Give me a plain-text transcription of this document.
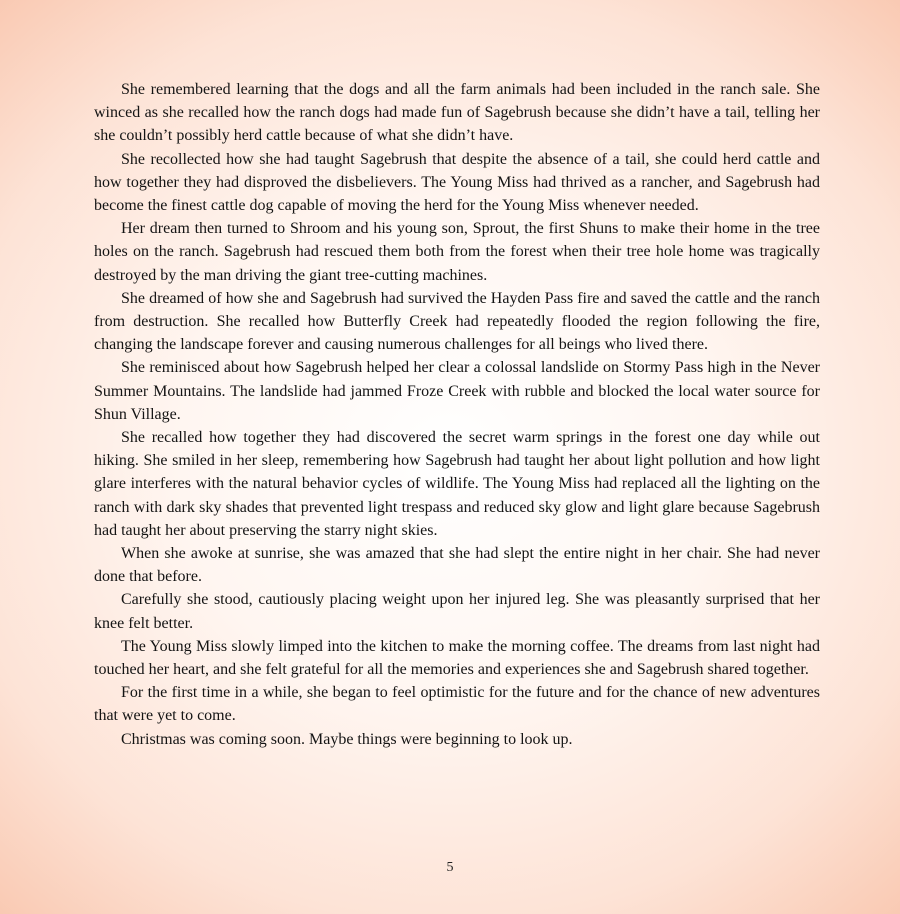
She remembered learning that the dogs and all the farm animals had been included in the ranch sale. She winced as she recalled how the ranch dogs had made fun of Sagebrush because she didn’t have a tail, telling her she couldn’t possibly herd cattle because of what she didn’t have.

She recollected how she had taught Sagebrush that despite the absence of a tail, she could herd cattle and how together they had disproved the disbelievers. The Young Miss had thrived as a rancher, and Sagebrush had become the finest cattle dog capable of moving the herd for the Young Miss whenever needed.

Her dream then turned to Shroom and his young son, Sprout, the first Shuns to make their home in the tree holes on the ranch. Sagebrush had rescued them both from the forest when their tree hole home was tragically destroyed by the man driving the giant tree-cutting machines.

She dreamed of how she and Sagebrush had survived the Hayden Pass fire and saved the cattle and the ranch from destruction. She recalled how Butterfly Creek had repeatedly flooded the region following the fire, changing the landscape forever and causing numerous challenges for all beings who lived there.

She reminisced about how Sagebrush helped her clear a colossal landslide on Stormy Pass high in the Never Summer Mountains. The landslide had jammed Froze Creek with rubble and blocked the local water source for Shun Village.

She recalled how together they had discovered the secret warm springs in the forest one day while out hiking. She smiled in her sleep, remembering how Sagebrush had taught her about light pollution and how light glare interferes with the natural behavior cycles of wildlife. The Young Miss had replaced all the lighting on the ranch with dark sky shades that prevented light trespass and reduced sky glow and light glare because Sagebrush had taught her about preserving the starry night skies.

When she awoke at sunrise, she was amazed that she had slept the entire night in her chair. She had never done that before.

Carefully she stood, cautiously placing weight upon her injured leg. She was pleasantly surprised that her knee felt better.

The Young Miss slowly limped into the kitchen to make the morning coffee. The dreams from last night had touched her heart, and she felt grateful for all the memories and experiences she and Sagebrush shared together.

For the first time in a while, she began to feel optimistic for the future and for the chance of new adventures that were yet to come.

Christmas was coming soon. Maybe things were beginning to look up.

5
